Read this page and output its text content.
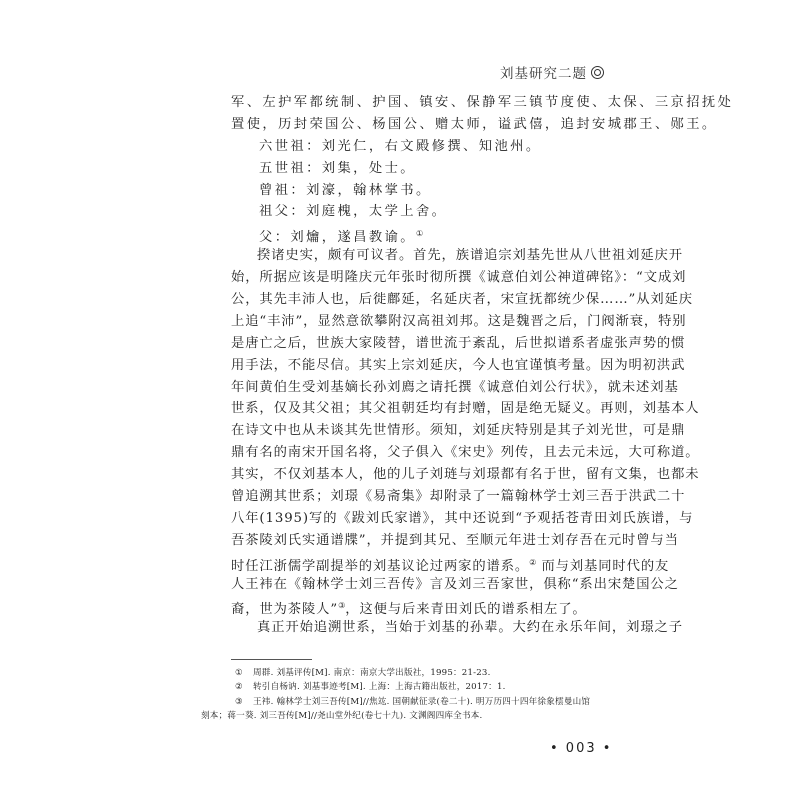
刘基研究二题
军、左护军都统制、护国、镇安、保静军三镇节度使、太保、三京招抚处
置使，历封荣国公、杨国公、赠太师，谥武僖，追封安城郡王、郧王。
六世祖：刘光仁，右文殿修撰、知池州。
五世祖：刘集，处士。
曾祖：刘濠，翰林掌书。
祖父：刘庭槐，太学上舍。
父：刘爚，遂昌教谕。①
揆诸史实，颇有可议者。首先，族谱追宗刘基先世从八世祖刘延庆开
始，所据应该是明隆庆元年张时彻所撰《诚意伯刘公神道碑铭》：“文成刘
公，其先丰沛人也，后徙鄜延，名延庆者，宋宣抚都统少保……”从刘延庆
上追“丰沛”，显然意欲攀附汉高祖刘邦。这是魏晋之后，门阀渐衰，特别
是唐亡之后，世族大家陵替，谱世流于紊乱，后世拟谱系者虚张声势的惯
用手法，不能尽信。其实上宗刘延庆，今人也宜谨慎考量。因为明初洪武
年间黄伯生受刘基嫡长孙刘廌之请托撰《诚意伯刘公行状》，就未述刘基
世系，仅及其父祖；其父祖朝廷均有封赠，固是绝无疑义。再则，刘基本人
在诗文中也从未谈其先世情形。须知，刘延庆特别是其子刘光世，可是鼎
鼎有名的南宋开国名将，父子俱入《宋史》列传，且去元未远，大可称道。
其实，不仅刘基本人，他的儿子刘琏与刘璟都有名于世，留有文集，也都未
曾追溯其世系；刘璟《易斋集》却附录了一篇翰林学士刘三吾于洪武二十
八年(1395)写的《跋刘氏家谱》，其中还说到“予观括苍青田刘氏族谱，与
吾茶陵刘氏实通谱牒”，并提到其兄、至顺元年进士刘存吾在元时曾与当
时任江浙儒学副提举的刘基议论过两家的谱系。② 而与刘基同时代的友
人王袆在《翰林学士刘三吾传》言及刘三吾家世，俱称“系出宋楚国公之
裔，世为茶陵人”③，这便与后来青田刘氏的谱系相左了。
真正开始追溯世系，当始于刘基的孙辈。大约在永乐年间，刘璟之子
① 周群. 刘基评传[M]. 南京：南京大学出版社，1995：21-23.
② 转引自杨讷. 刘基事迹考[M]. 上海：上海古籍出版社，2017：1.
③ 王袆. 翰林学士刘三吾传[M]//焦竑. 国朝献征录(卷二十). 明万历四十四年徐象橒曼山馆
刻本；蒋一葵. 刘三吾传[M]//尧山堂外纪(卷七十九). 文渊阁四库全书本.
• 003 •
